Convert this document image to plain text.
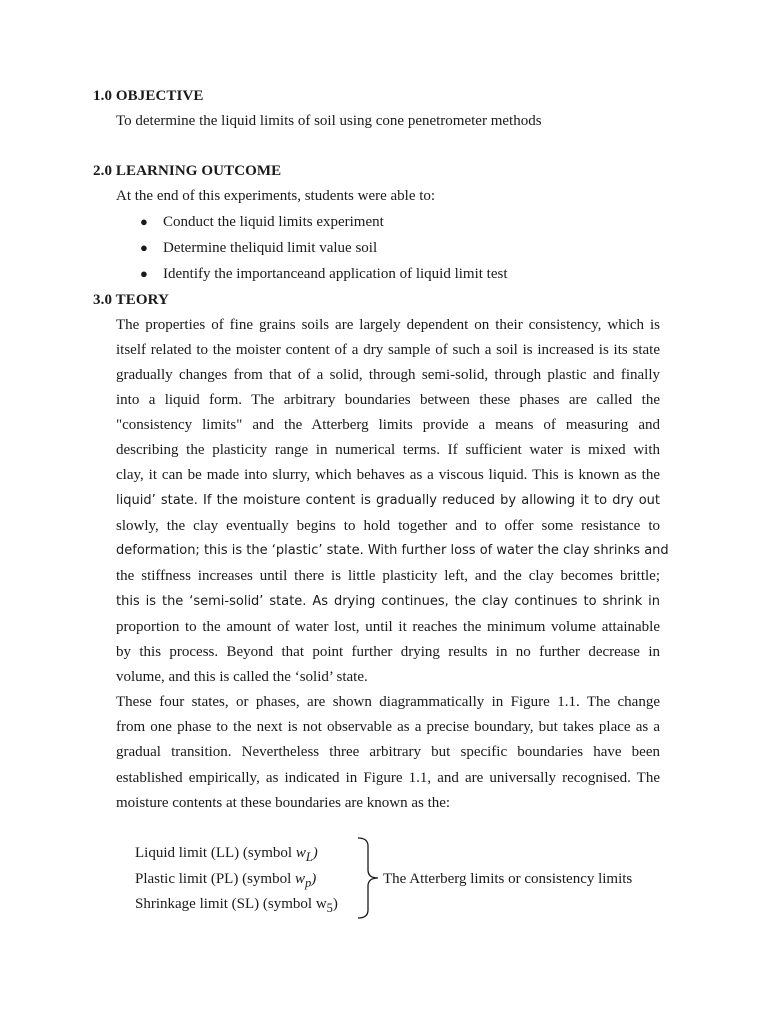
1.0 OBJECTIVE
To determine the liquid limits of soil using cone penetrometer methods
2.0 LEARNING OUTCOME
At the end of this experiments, students were able to:
● Conduct the liquid limits experiment
● Determine theliquid limit value soil
● Identify the importanceand application of liquid limit test
3.0 TEORY
The properties of fine grains soils are largely dependent on their consistency, which is
itself related to the moister content of a dry sample of such a soil is increased is its state
gradually changes from that of a solid, through semi-solid, through plastic and finally
into a liquid form. The arbitrary boundaries between these phases are called the
"consistency limits" and the Atterberg limits provide a means of measuring and
describing the plasticity range in numerical terms. If sufficient water is mixed with
clay, it can be made into slurry, which behaves as a viscous liquid. This is known as the
liquid’ state. If the moisture content is gradually reduced by allowing it to dry out
slowly, the clay eventually begins to hold together and to offer some resistance to
deformation; this is the ‘plastic’ state. With further loss of water the clay shrinks and
the stiffness increases until there is little plasticity left, and the clay becomes brittle;
this is the ‘semi-solid’ state. As drying continues, the clay continues to shrink in
proportion to the amount of water lost, until it reaches the minimum volume attainable
by this process. Beyond that point further drying results in no further decrease in
volume, and this is called the ‘solid’ state.
These four states, or phases, are shown diagrammatically in Figure 1.1. The change
from one phase to the next is not observable as a precise boundary, but takes place as a
gradual transition. Nevertheless three arbitrary but specific boundaries have been
established empirically, as indicated in Figure 1.1, and are universally recognised. The
moisture contents at these boundaries are known as the:
Liquid limit (LL) (symbol $w_L$)
Plastic limit (PL) (symbol $w_p$)
Shrinkage limit (SL) (symbol $w_5$)
The Atterberg limits or consistency limits
